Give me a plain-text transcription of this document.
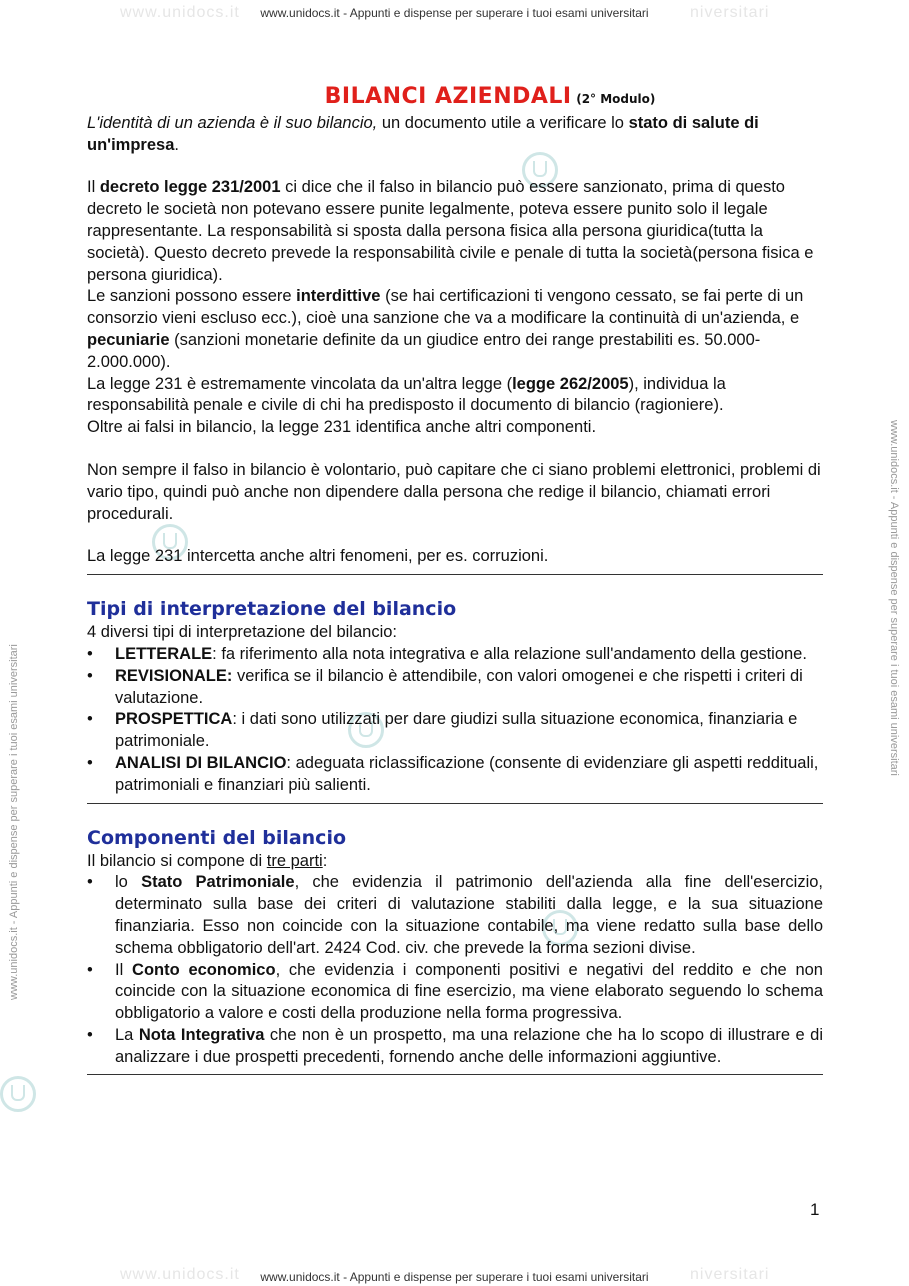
www.unidocs.it	niversitari
www.unidocs.it - Appunti e dispense per superare i tuoi esami universitari
www.unidocs.it	niversitari
www.unidocs.it - Appunti e dispense per superare i tuoi esami universitari
www.unidocs.it - Appunti e dispense per superare i tuoi esami universitari
www.unidocs.it - Appunti e dispense per superare i tuoi esami universitari
BILANCI AZIENDALI (2° Modulo)

L'identità di un azienda è il suo bilancio, un documento utile a verificare lo stato di salute di un'impresa.

Il decreto legge 231/2001 ci dice che il falso in bilancio può essere sanzionato, prima di questo decreto le società non potevano essere punite legalmente, poteva essere punito solo il legale rappresentante. La responsabilità si sposta dalla persona fisica alla persona giuridica(tutta la società). Questo decreto prevede la responsabilità civile e penale di tutta la società(persona fisica e persona giuridica).

Le sanzioni possono essere interdittive (se hai certificazioni ti vengono cessato, se fai perte di un consorzio vieni escluso ecc.), cioè una sanzione che va a modificare la continuità di un'azienda, e pecuniarie (sanzioni monetarie definite da un giudice entro dei range prestabiliti es. 50.000-2.000.000).

La legge 231 è estremamente vincolata da un'altra legge (legge 262/2005), individua la responsabilità penale e civile di chi ha predisposto il documento di bilancio (ragioniere).

Oltre ai falsi in bilancio, la legge 231 identifica anche altri componenti.

Non sempre il falso in bilancio è volontario, può capitare che ci siano problemi elettronici, problemi di vario tipo, quindi può anche non dipendere dalla persona che redige il bilancio, chiamati errori procedurali.

La legge 231 intercetta anche altri fenomeni, per es. corruzioni.

Tipi di interpretazione del bilancio

4 diversi tipi di interpretazione del bilancio:

• LETTERALE: fa riferimento alla nota integrativa e alla relazione sull'andamento della gestione.
• REVISIONALE: verifica se il bilancio è attendibile, con valori omogenei e che rispetti i criteri di valutazione.
• PROSPETTICA: i dati sono utilizzati per dare giudizi sulla situazione economica, finanziaria e patrimoniale.
• ANALISI DI BILANCIO: adeguata riclassificazione (consente di evidenziare gli aspetti reddituali, patrimoniali e finanziari più salienti.
Componenti del bilancio

Il bilancio si compone di tre parti:

• lo Stato Patrimoniale, che evidenzia il patrimonio dell'azienda alla fine dell'esercizio, determinato sulla base dei criteri di valutazione stabiliti dalla legge, e la sua situazione finanziaria. Esso non coincide con la situazione contabile, ma viene redatto sulla base dello schema obbligatorio dell'art. 2424 Cod. civ. che prevede la forma sezioni divise.
• Il Conto economico, che evidenzia i componenti positivi e negativi del reddito e che non coincide con la situazione economica di fine esercizio, ma viene elaborato seguendo lo schema obbligatorio a valore e costi della produzione nella forma progressiva.
• La Nota Integrativa che non è un prospetto, ma una relazione che ha lo scopo di illustrare e di analizzare i due prospetti precedenti, fornendo anche delle informazioni aggiuntive.
1
